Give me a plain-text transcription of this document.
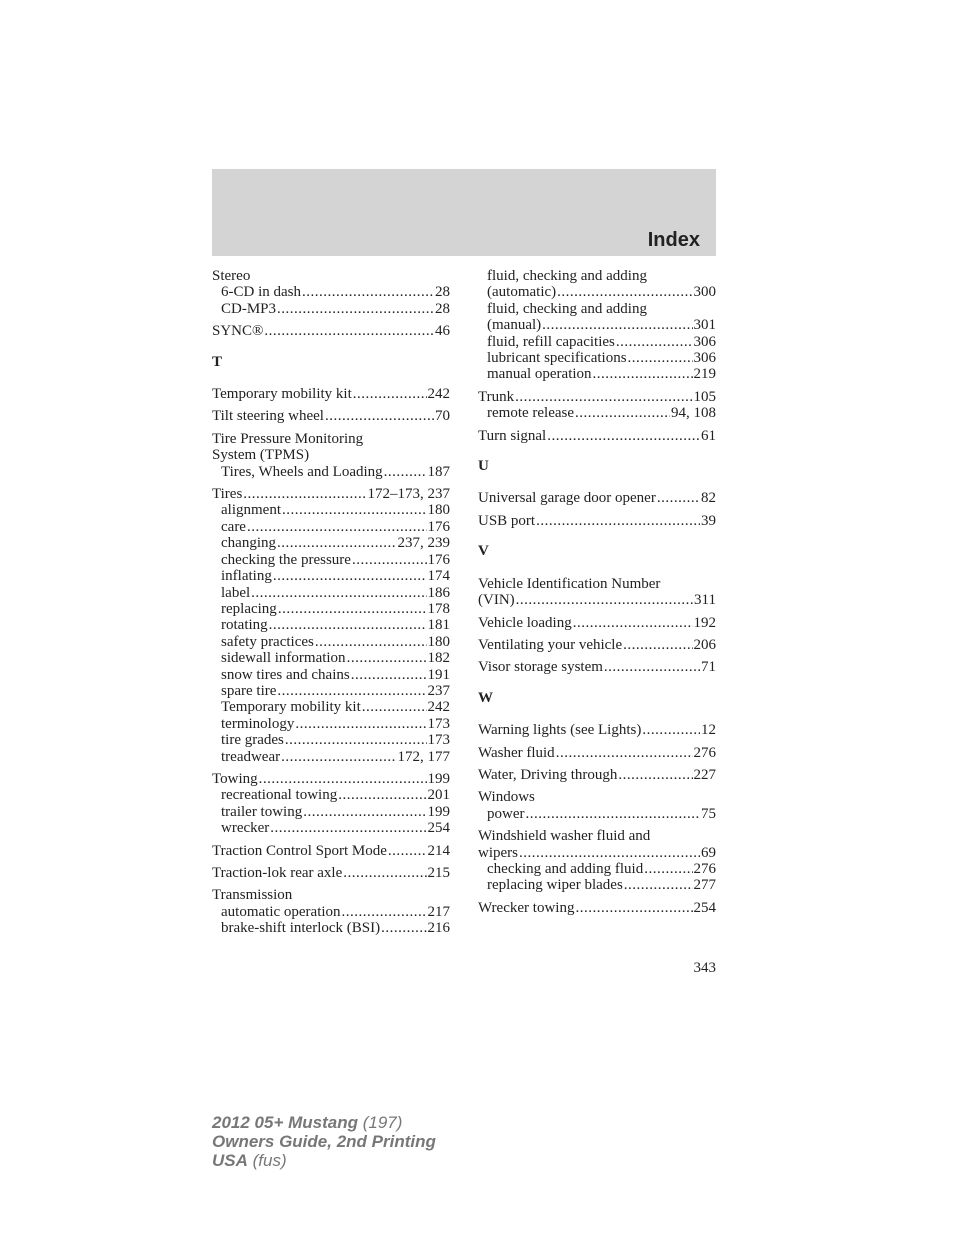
Index
Stereo
6-CD in dash .....	28
CD-MP3 .....	28
SYNC® .....	46
T
Temporary mobility kit .....	242
Tilt steering wheel .....	70
Tire Pressure Monitoring
System (TPMS)
Tires, Wheels and Loading .....	187
Tires .....	172–173, 237
alignment .....	180
care .....	176
changing .....	237, 239
checking the pressure .....	176
inflating .....	174
label .....	186
replacing .....	178
rotating .....	181
safety practices .....	180
sidewall information .....	182
snow tires and chains .....	191
spare tire .....	237
Temporary mobility kit .....	242
terminology .....	173
tire grades .....	173
treadwear .....	172, 177
Towing .....	199
recreational towing .....	201
trailer towing .....	199
wrecker .....	254
Traction Control Sport Mode .....	214
Traction-lok rear axle .....	215
Transmission
automatic operation .....	217
brake-shift interlock (BSI) .....	216
fluid, checking and adding
(automatic) .....	300
fluid, checking and adding
(manual) .....	301
fluid, refill capacities .....	306
lubricant specifications .....	306
manual operation .....	219
Trunk .....	105
remote release .....	94, 108
Turn signal .....	61
U
Universal garage door opener .....	82
USB port .....	39
V
Vehicle Identification Number
(VIN) .....	311
Vehicle loading .....	192
Ventilating your vehicle .....	206
Visor storage system .....	71
W
Warning lights (see Lights) .....	12
Washer fluid .....	276
Water, Driving through .....	227
Windows
power .....	75
Windshield washer fluid and
wipers .....	69
checking and adding fluid .....	276
replacing wiper blades .....	277
Wrecker towing .....	254
343
2012 05+ Mustang (197)
Owners Guide, 2nd Printing
USA (fus)
